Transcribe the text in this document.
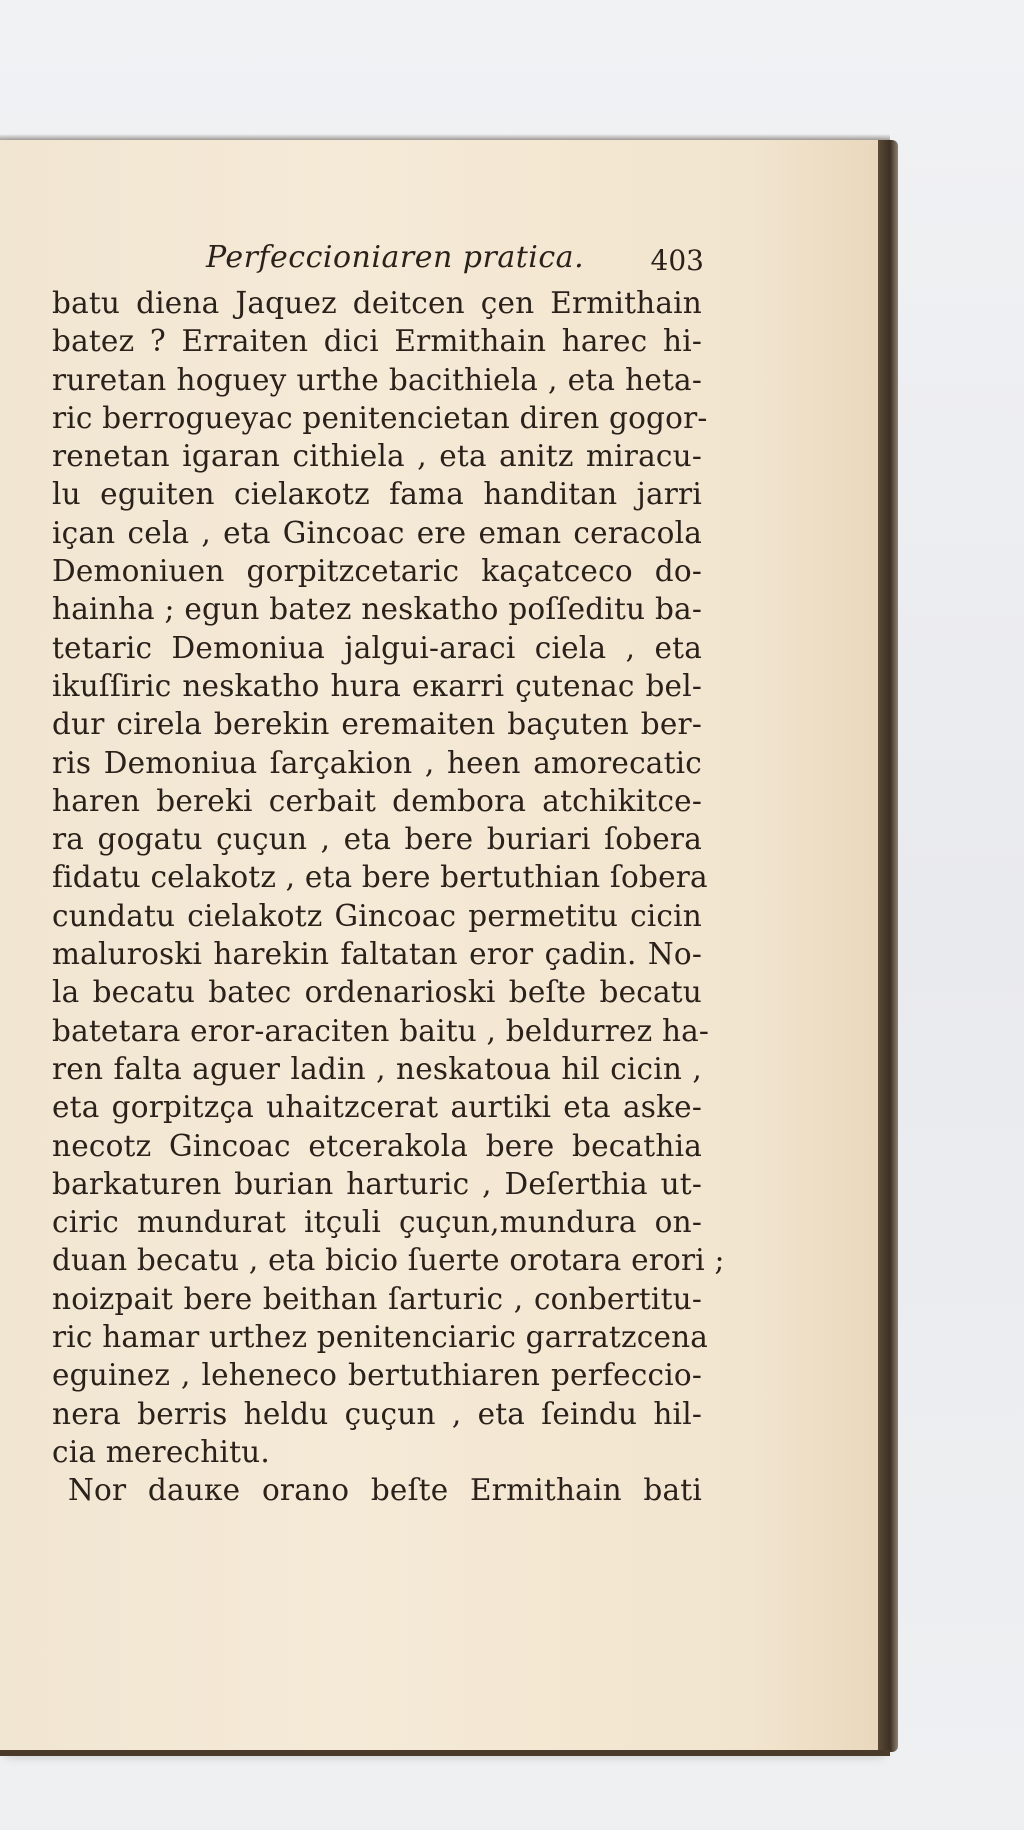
Perfeccioniaren pratica. 403
batu diena Jaquez deitcen çen Ermithain
batez ? Erraiten dici Ermithain harec hi-
ruretan hoguey urthe bacithiela , eta heta-
ric berrogueyac penitencietan diren gogor-
renetan igaran cithiela , eta anitz miracu-
lu eguiten cielaкotz fama handitan jarri
içan cela , eta Gincoac ere eman ceracola
Demoniuen gorpitzcetaric kaçatceco do-
hainha ; egun batez neskatho poſſeditu ba-
tetaric Demoniua jalgui-araci ciela , eta
ikuſſiric neskatho hura eкarri çutenac bel-
dur cirela berekin eremaiten baçuten ber-
ris Demoniua ſarçakion , heen amorecatic
haren bereki cerbait dembora atchikitce-
ra gogatu çuçun , eta bere buriari ſobera
fidatu celakotz , eta bere bertuthian ſobera
cundatu cielakotz Gincoac permetitu cicin
maluroski harekin faltatan eror çadin. No-
la becatu batec ordenarioski beſte becatu
batetara eror-araciten baitu , beldurrez ha-
ren falta aguer ladin , neskatoua hil cicin ,
eta gorpitzça uhaitzcerat aurtiki eta aske-
necotz Gincoac etcerakola bere becathia
barkaturen burian harturic , Deſerthia ut-
ciric mundurat itçuli çuçun,mundura on-
duan becatu , eta bicio ſuerte orotara erori ;
noizpait bere beithan ſarturic , conbertitu-
ric hamar urthez penitenciaric garratzcena
eguinez , leheneco bertuthiaren perfeccio-
nera berris heldu çuçun , eta ſeindu hil-
cia merechitu.
Nor dauкe orano beſte Ermithain bati
